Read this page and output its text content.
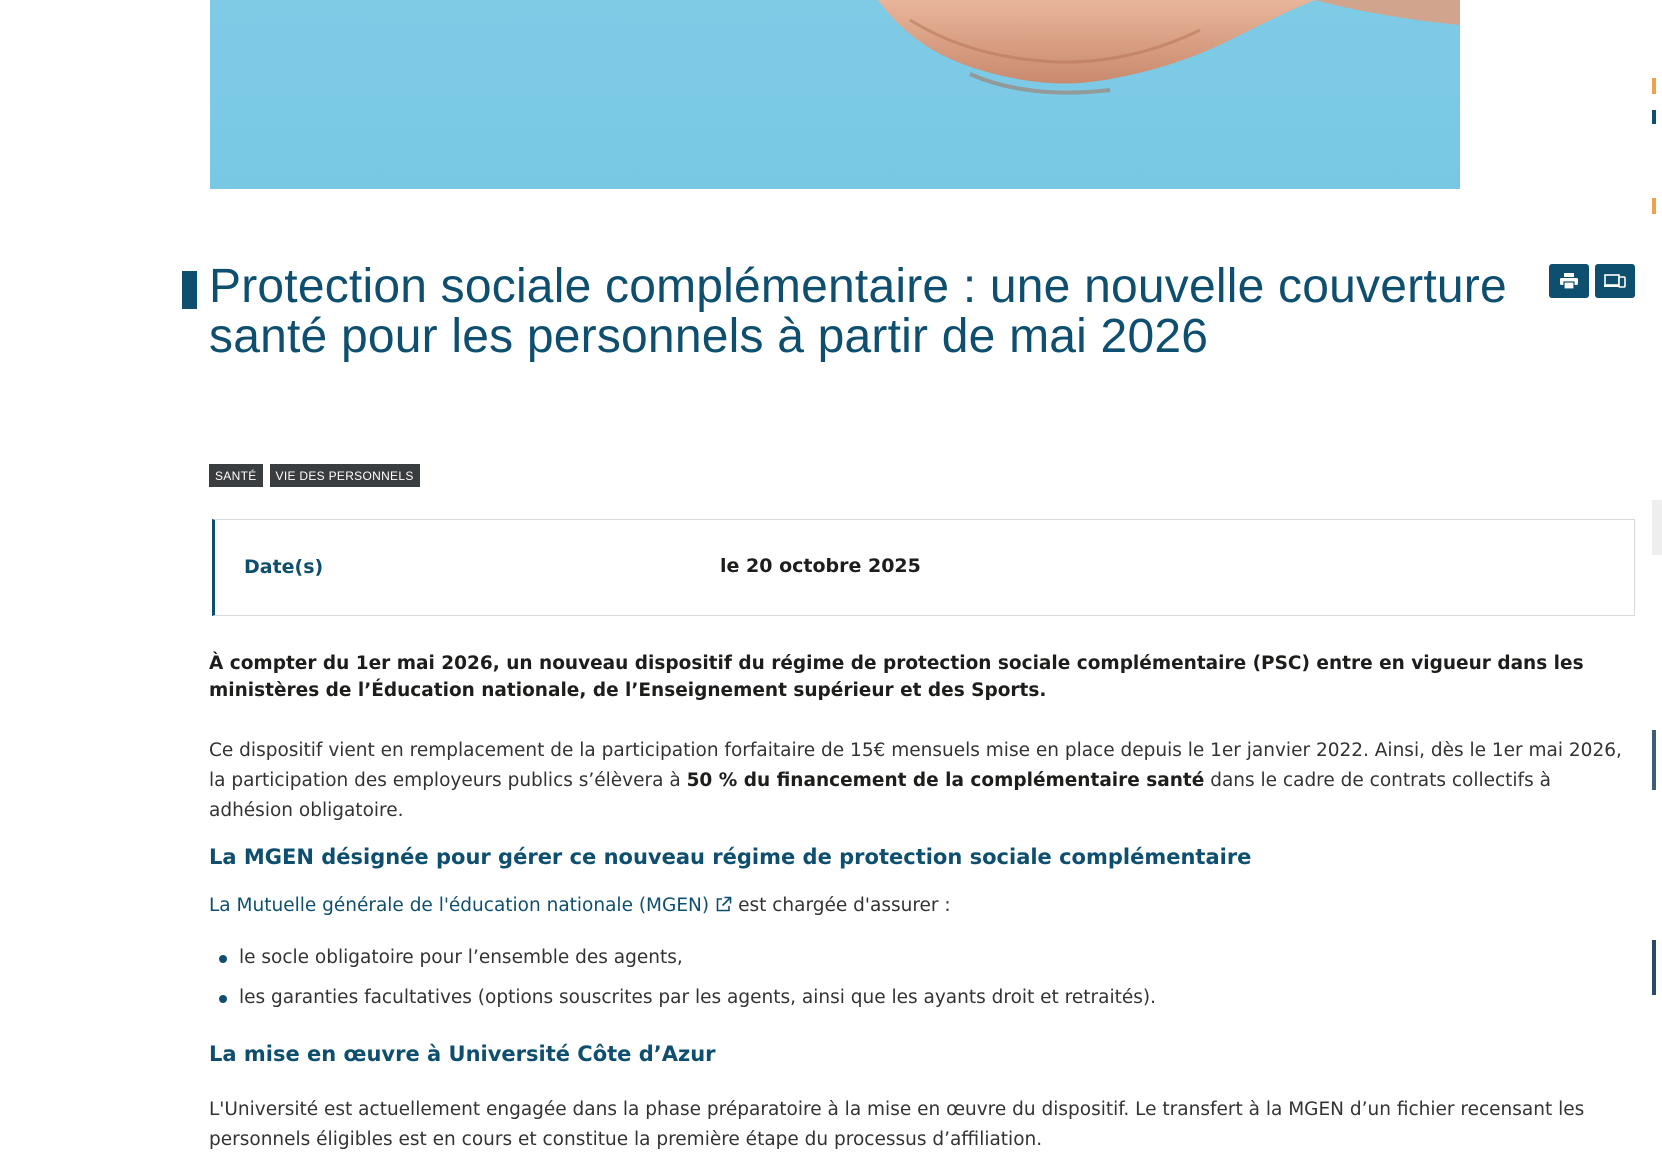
Protection sociale complémentaire : une nouvelle couverture santé pour les personnels à partir de mai 2026
SANTÉ	VIE DES PERSONNELS
Date(s)	le 20 octobre 2025

À compter du 1er mai 2026, un nouveau dispositif du régime de protection sociale complémentaire (PSC) entre en vigueur dans les ministères de l’Éducation nationale, de l’Enseignement supérieur et des Sports.

Ce dispositif vient en remplacement de la participation forfaitaire de 15€ mensuels mise en place depuis le 1er janvier 2022. Ainsi, dès le 1er mai 2026, la participation des employeurs publics s’élèvera à 50 % du financement de la complémentaire santé dans le cadre de contrats collectifs à adhésion obligatoire.

La MGEN désignée pour gérer ce nouveau régime de protection sociale complémentaire

La Mutuelle générale de l'éducation nationale (MGEN) est chargée d'assurer :

le socle obligatoire pour l’ensemble des agents,
les garanties facultatives (options souscrites par les agents, ainsi que les ayants droit et retraités).
La mise en œuvre à Université Côte d’Azur

L'Université est actuellement engagée dans la phase préparatoire à la mise en œuvre du dispositif. Le transfert à la MGEN d’un fichier recensant les personnels éligibles est en cours et constitue la première étape du processus d’affiliation.
